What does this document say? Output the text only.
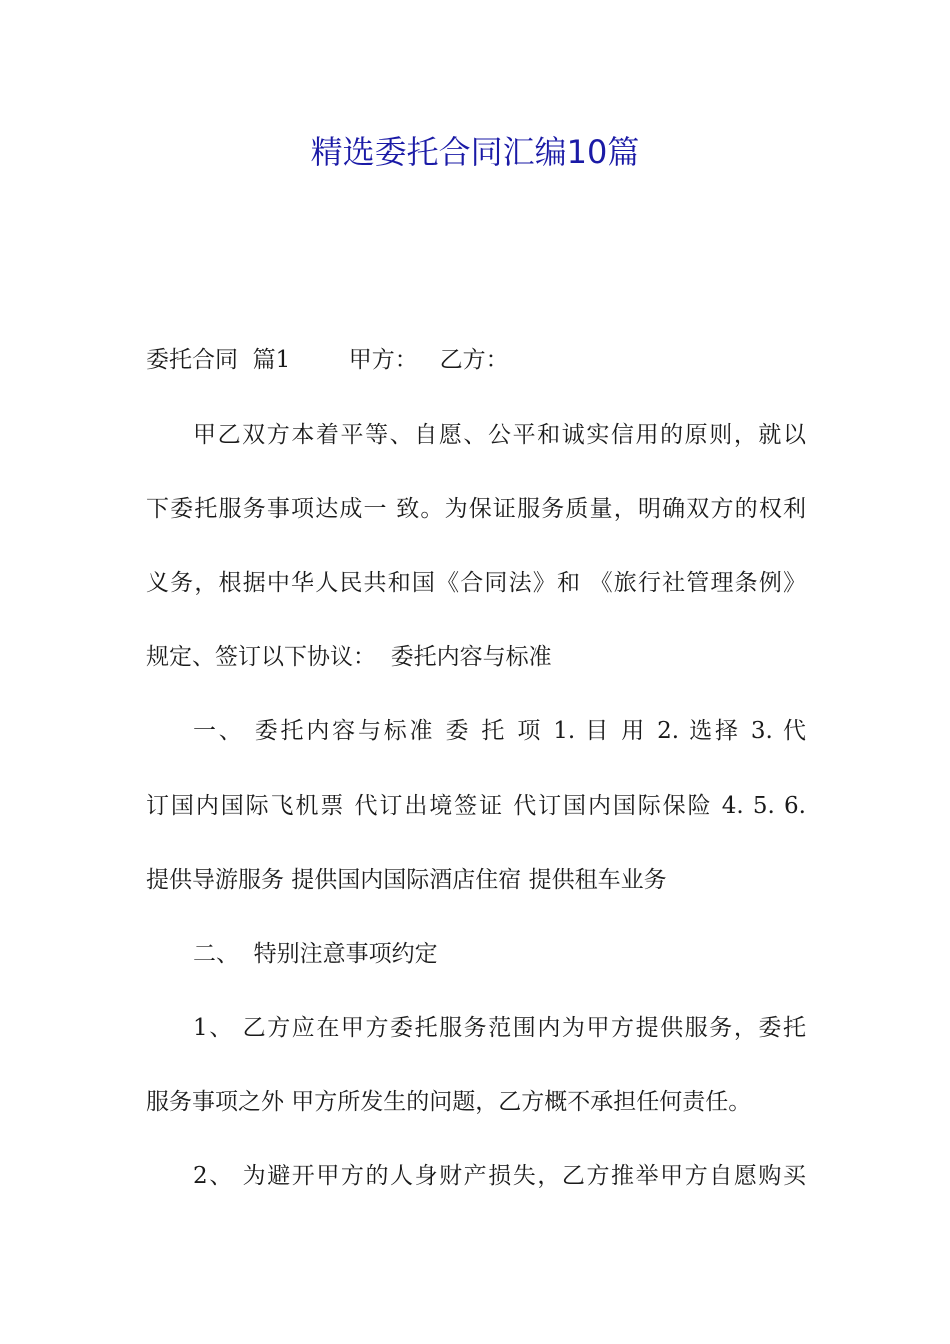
精选委托合同汇编10篇
委托合同  篇1        甲方：   乙方：
甲乙双方本着平等、自愿、公平和诚实信用的原则，就以
下委托服务事项达成一 致。为保证服务质量，明确双方的权利
义务，根据中华人民共和国《合同法》和 《旅行社管理条例》
规定、签订以下协议：  委托内容与标准
一、 委托内容与标准 委 托 项 1. 目 用 2. 选择 3. 代
订国内国际飞机票 代订出境签证 代订国内国际保险 4. 5. 6.
提供导游服务 提供国内国际酒店住宿 提供租车业务
二、  特别注意事项约定
1、 乙方应在甲方委托服务范围内为甲方提供服务，委托
服务事项之外 甲方所发生的问题，乙方概不承担任何责任。
2、 为避开甲方的人身财产损失，乙方推举甲方自愿购买
